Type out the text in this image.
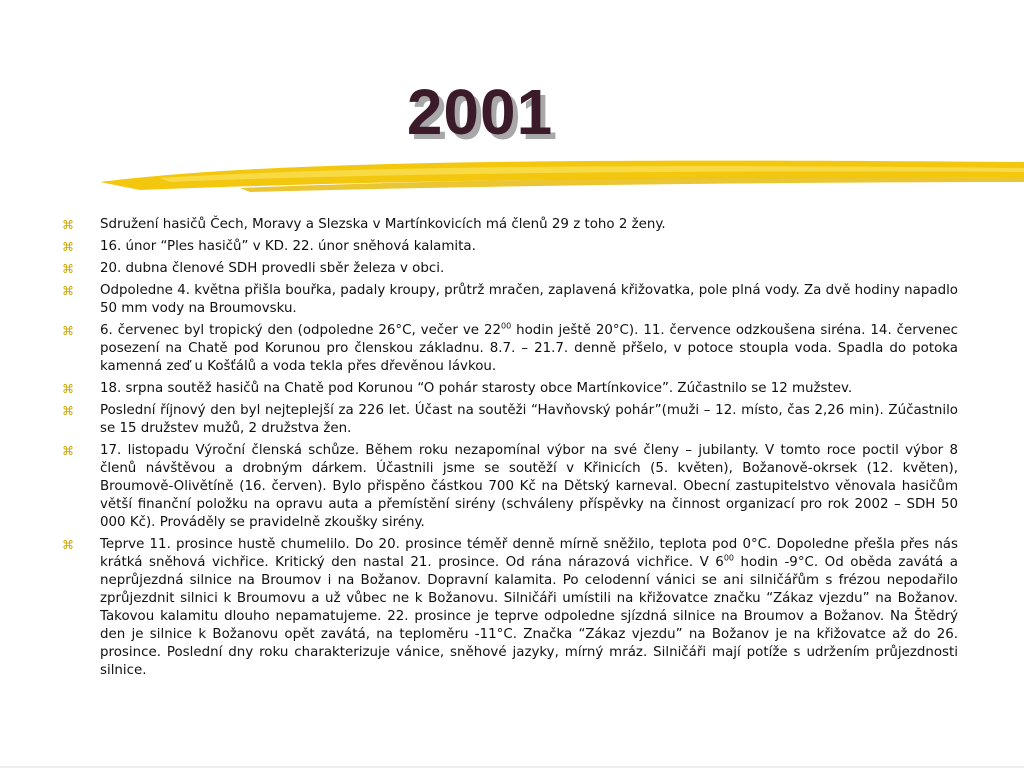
2001
⌘	Sdružení hasičů Čech, Moravy a Slezska v Martínkovicích má členů 29 z toho 2 ženy.
⌘	16. únor “Ples hasičů” v KD. 22. únor sněhová kalamita.
⌘	20. dubna členové SDH provedli sběr železa v obci.
⌘	Odpoledne 4. května přišla bouřka, padaly kroupy, průtrž mračen, zaplavená křižovatka, pole plná vody. Za dvě hodiny napadlo 50 mm vody na Broumovsku.
⌘	6. červenec byl tropický den (odpoledne 26°C, večer ve $22^{00}$ hodin ještě 20°C). 11. července odzkoušena siréna. 14. červenec posezení na Chatě pod Korunou pro členskou základnu. 8.7. – 21.7. denně přšelo, v potoce stoupla voda. Spadla do potoka kamenná zeď u Košťálů a voda tekla přes dřevěnou lávkou.
⌘	18. srpna soutěž hasičů na Chatě pod Korunou “O pohár starosty obce Martínkovice”. Zúčastnilo se 12 mužstev.
⌘	Poslední říjnový den byl nejteplejší za 226 let. Účast na soutěži “Havňovský pohár”(muži – 12. místo, čas 2,26 min). Zúčastnilo se 15 družstev mužů, 2 družstva žen.
⌘	17. listopadu Výroční členská schůze. Během roku nezapomínal výbor na své členy – jubilanty. V tomto roce poctil výbor 8 členů návštěvou a drobným dárkem. Účastnili jsme se soutěží v Křinicích (5. květen), Božanově-okrsek (12. květen), Broumově-Olivětíně (16. červen). Bylo přispěno částkou 700 Kč na Dětský karneval. Obecní zastupitelstvo věnovala hasičům větší finanční položku na opravu auta a přemístění sirény (schváleny příspěvky na činnost organizací pro rok 2002 – SDH 50 000 Kč). Prováděly se pravidelně zkoušky sirény.
⌘	Teprve 11. prosince hustě chumelilo. Do 20. prosince téměř denně mírně sněžilo, teplota pod 0°C. Dopoledne přešla přes nás krátká sněhová vichřice. Kritický den nastal 21. prosince. Od rána nárazová vichřice. V $6^{00}$ hodin -9°C. Od oběda zavátá a neprůjezdná silnice na Broumov i na Božanov. Dopravní kalamita. Po celodenní vánici se ani silničářům s frézou nepodařilo zprůjezdnit silnici k Broumovu a už vůbec ne k Božanovu. Silničáři umístili na křižovatce značku “Zákaz vjezdu” na Božanov. Takovou kalamitu dlouho nepamatujeme. 22. prosince je teprve odpoledne sjízdná silnice na Broumov a Božanov. Na Štědrý den je silnice k Božanovu opět zavátá, na teploměru -11°C. Značka “Zákaz vjezdu” na Božanov je na křižovatce až do 26. prosince. Poslední dny roku charakterizuje vánice, sněhové jazyky, mírný mráz. Silničáři mají potíže s udržením průjezdnosti silnice.
